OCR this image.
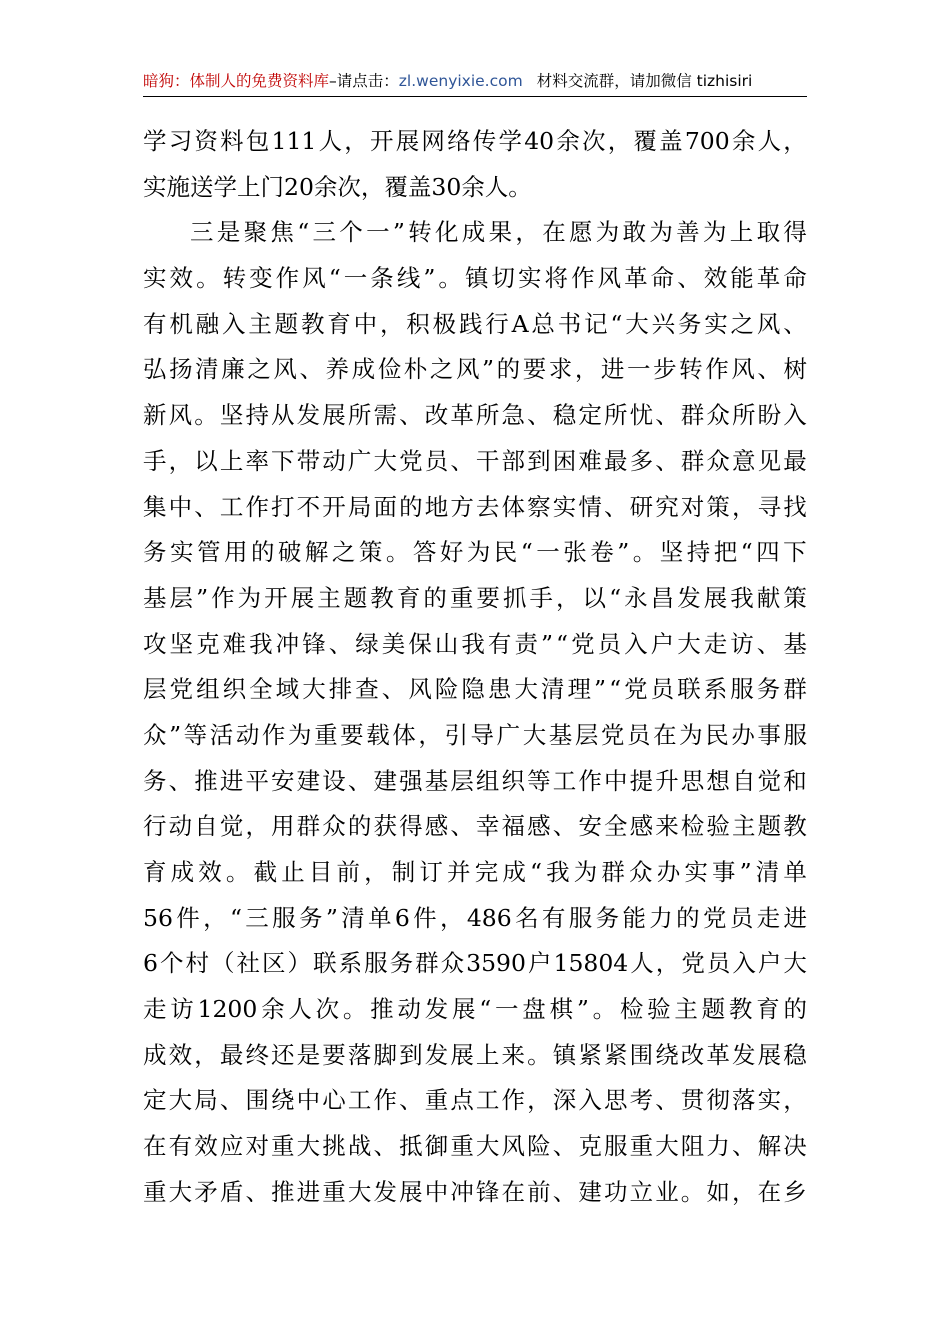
暗狗：体制人的免费资料库–请点击：zl.wenyixie.com 材料交流群，请加微信 tizhisiri
学 习 资 料 包 111 人 ， 开 展 网 络 传 学 40 余 次 ， 覆 盖 700 余 人 ，
实施送学上门20余次，覆盖30余人。
三 是 聚 焦 “ 三 个 一 ” 转 化 成 果 ， 在 愿 为 敢 为 善 为 上 取 得
实 效 。 转 变 作 风 “ 一 条 线 ” 。 镇 切 实 将 作 风 革 命 、 效 能 革 命
有 机 融 入 主 题 教 育 中 ， 积 极 践 行 A 总 书 记 “ 大 兴 务 实 之 风 、
弘 扬 清 廉 之 风 、 养 成 俭 朴 之 风 ” 的 要 求 ， 进 一 步 转 作 风 、 树
新 风 。 坚 持 从 发 展 所 需 、 改 革 所 急 、 稳 定 所 忧 、 群 众 所 盼 入
手 ， 以 上 率 下 带 动 广 大 党 员 、 干 部 到 困 难 最 多 、 群 众 意 见 最
集 中 、 工 作 打 不 开 局 面 的 地 方 去 体 察 实 情 、 研 究 对 策 ， 寻 找
务 实 管 用 的 破 解 之 策 。 答 好 为 民 “ 一 张 卷 ” 。 坚 持 把 “ 四 下
基 层 ” 作 为 开 展 主 题 教 育 的 重 要 抓 手 ， 以 “ 永 昌 发 展 我 献 策
攻 坚 克 难 我 冲 锋 、 绿 美 保 山 我 有 责 ” “ 党 员 入 户 大 走 访 、 基
层 党 组 织 全 域 大 排 查 、 风 险 隐 患 大 清 理 ” “ 党 员 联 系 服 务 群
众 ” 等 活 动 作 为 重 要 载 体 ， 引 导 广 大 基 层 党 员 在 为 民 办 事 服
务 、 推 进 平 安 建 设 、 建 强 基 层 组 织 等 工 作 中 提 升 思 想 自 觉 和
行 动 自 觉 ， 用 群 众 的 获 得 感 、 幸 福 感 、 安 全 感 来 检 验 主 题 教
育 成 效 。 截 止 目 前 ， 制 订 并 完 成 “ 我 为 群 众 办 实 事 ” 清 单
56 件 ， “ 三 服 务 ” 清 单 6 件 ， 486 名 有 服 务 能 力 的 党 员 走 进
6 个 村 （ 社 区 ） 联 系 服 务 群 众 3590 户 15804 人 ， 党 员 入 户 大
走 访 1200 余 人 次 。 推 动 发 展 “ 一 盘 棋 ” 。 检 验 主 题 教 育 的
成 效 ， 最 终 还 是 要 落 脚 到 发 展 上 来 。 镇 紧 紧 围 绕 改 革 发 展 稳
定 大 局 、 围 绕 中 心 工 作 、 重 点 工 作 ， 深 入 思 考 、 贯 彻 落 实 ，
在 有 效 应 对 重 大 挑 战 、 抵 御 重 大 风 险 、 克 服 重 大 阻 力 、 解 决
重 大 矛 盾 、 推 进 重 大 发 展 中 冲 锋 在 前 、 建 功 立 业 。 如 ， 在 乡
